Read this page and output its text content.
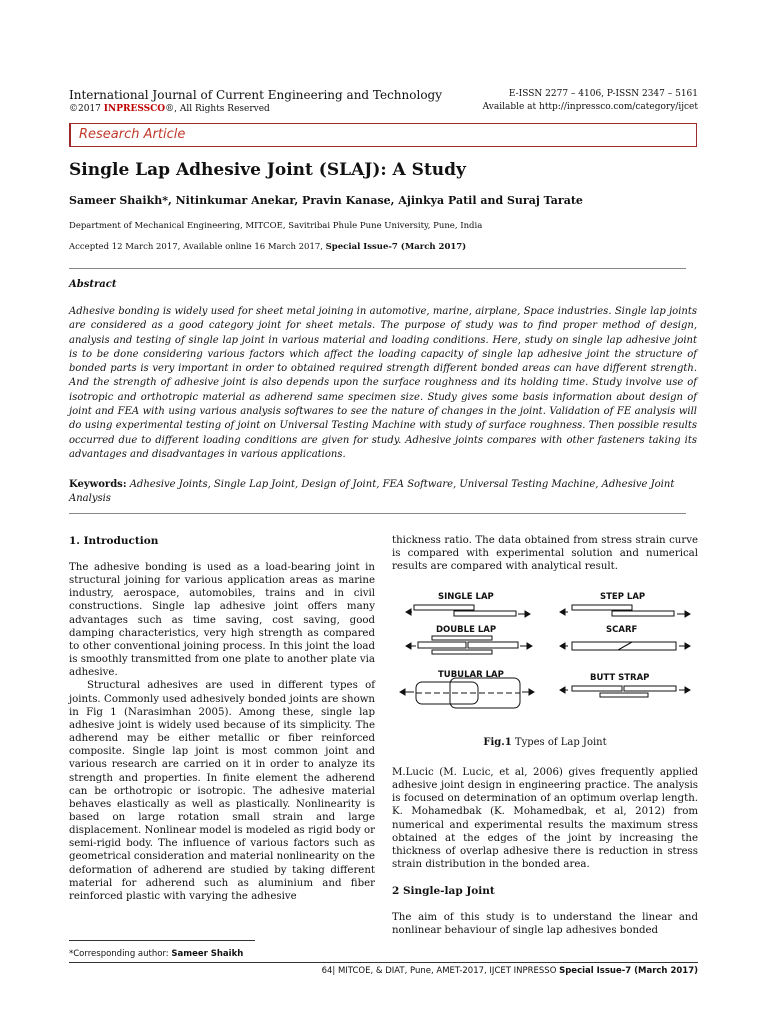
International Journal of Current Engineering and Technology
©2017 INPRESSCO®, All Rights Reserved
E-ISSN 2277 – 4106, P-ISSN 2347 – 5161
Available at http://inpressco.com/category/ijcet
Research Article
Single Lap Adhesive Joint (SLAJ): A Study
Sameer Shaikh*, Nitinkumar Anekar, Pravin Kanase, Ajinkya Patil and Suraj Tarate
Department of Mechanical Engineering, MITCOE, Savitribai Phule Pune University, Pune, India
Accepted 12 March 2017, Available online 16 March 2017, Special Issue-7 (March 2017)
Abstract
Adhesive bonding is widely used for sheet metal joining in automotive, marine, airplane, Space industries. Single lap joints are considered as a good category joint for sheet metals. The purpose of study was to find proper method of design, analysis and testing of single lap joint in various material and loading conditions. Here, study on single lap adhesive joint is to be done considering various factors which affect the loading capacity of single lap adhesive joint the structure of bonded parts is very important in order to obtained required strength different bonded areas can have different strength. And the strength of adhesive joint is also depends upon the surface roughness and its holding time. Study involve use of isotropic and orthotropic material as adherend same specimen size. Study gives some basis information about design of joint and FEA with using various analysis softwares to see the nature of changes in the joint. Validation of FE analysis will do using experimental testing of joint on Universal Testing Machine with study of surface roughness. Then possible results occurred due to different loading conditions are given for study. Adhesive joints compares with other fasteners taking its advantages and disadvantages in various applications.
Keywords: Adhesive Joints, Single Lap Joint, Design of Joint, FEA Software, Universal Testing Machine, Adhesive Joint Analysis
1. Introduction
The adhesive bonding is used as a load-bearing joint in structural joining for various application areas as marine industry, aerospace, automobiles, trains and in civil constructions. Single lap adhesive joint offers many advantages such as time saving, cost saving, good damping characteristics, very high strength as compared to other conventional joining process. In this joint the load is smoothly transmitted from one plate to another plate via adhesive.
Structural adhesives are used in different types of joints. Commonly used adhesively bonded joints are shown in Fig 1 (Narasimhan 2005). Among these, single lap adhesive joint is widely used because of its simplicity. The adherend may be either metallic or fiber reinforced composite. Single lap joint is most common joint and various research are carried on it in order to analyze its strength and properties. In finite element the adherend can be orthotropic or isotropic. The adhesive material behaves elastically as well as plastically. Nonlinearity is based on large rotation small strain and large displacement. Nonlinear model is modeled as rigid body or semi-rigid body. The influence of various factors such as geometrical consideration and material nonlinearity on the deformation of adherend are studied by taking different material for adherend such as aluminium and fiber reinforced plastic with varying the adhesive
thickness ratio. The data obtained from stress strain curve is compared with experimental solution and numerical results are compared with analytical result.
SINGLE LAP	STEP LAP
DOUBLE LAP	SCARF
TUBULAR LAP	BUTT STRAP
Fig.1 Types of Lap Joint
M.Lucic (M. Lucic, et al, 2006) gives frequently applied adhesive joint design in engineering practice. The analysis is focused on determination of an optimum overlap length. K. Mohamedbak (K. Mohamedbak, et al, 2012) from numerical and experimental results the maximum stress obtained at the edges of the joint by increasing the thickness of overlap adhesive there is reduction in stress strain distribution in the bonded area.
2 Single-lap Joint
The aim of this study is to understand the linear and nonlinear behaviour of single lap adhesives bonded
*Corresponding author: Sameer Shaikh
64| MITCOE, & DIAT, Pune, AMET-2017, IJCET INPRESSO Special Issue-7 (March 2017)
